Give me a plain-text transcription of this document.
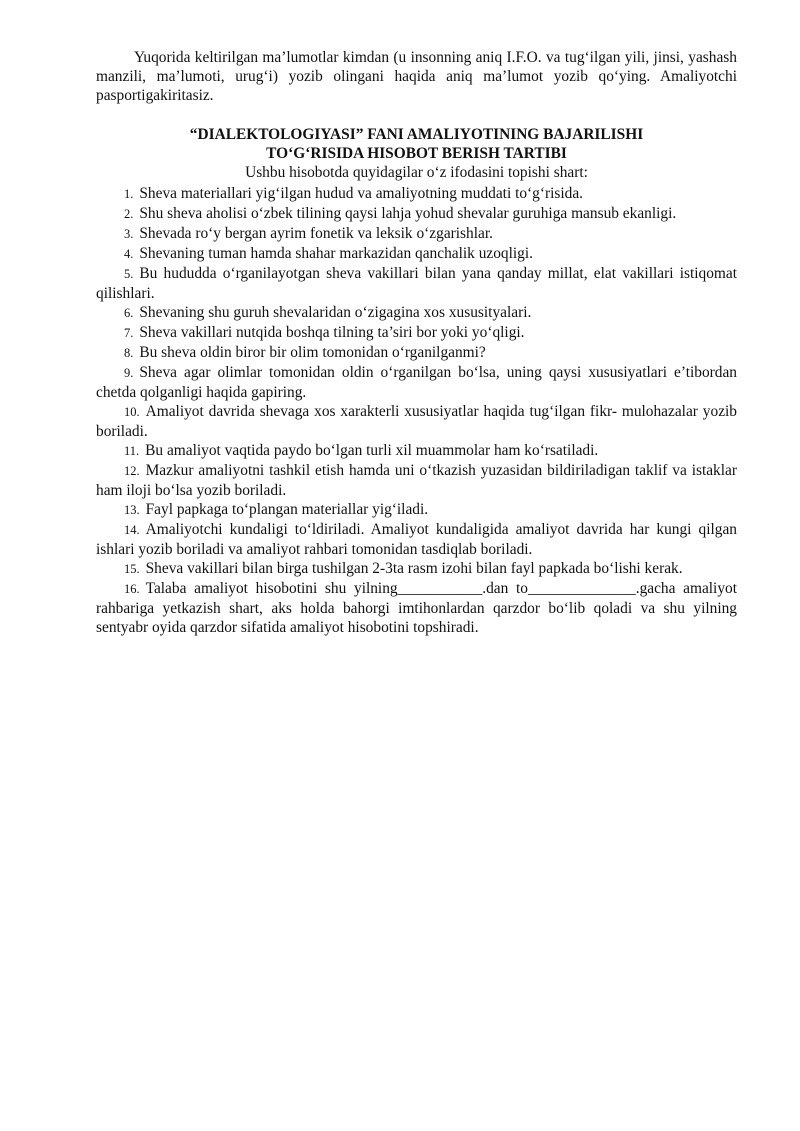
Yuqorida keltirilgan ma’lumotlar kimdan (u insonning aniq I.F.O. va tug‘ilgan yili, jinsi, yashash manzili, ma’lumoti, urug‘i) yozib olingani haqida aniq ma’lumot yozib qo‘ying. Amaliyotchi pasportigakiritasiz.

“DIALEKTOLOGIYASI” FANI AMALIYOTINING BAJARILISHI

TO‘G‘RISIDA HISOBOT BERISH TARTIBI

Ushbu hisobotda quyidagilar o‘z ifodasini topishi shart:

1. Sheva materiallari yig‘ilgan hudud va amaliyotning muddati to‘g‘risida.

2. Shu sheva aholisi o‘zbek tilining qaysi lahja yohud shevalar guruhiga mansub ekanligi.

3. Shevada ro‘y bergan ayrim fonetik va leksik o‘zgarishlar.

4. Shevaning tuman hamda shahar markazidan qanchalik uzoqligi.

5. Bu hududda o‘rganilayotgan sheva vakillari bilan yana qanday millat, elat vakillari istiqomat qilishlari.

6. Shevaning shu guruh shevalaridan o‘zigagina xos xususityalari.

7. Sheva vakillari nutqida boshqa tilning ta’siri bor yoki yo‘qligi.

8. Bu sheva oldin biror bir olim tomonidan o‘rganilganmi?

9. Sheva agar olimlar tomonidan oldin o‘rganilgan bo‘lsa, uning qaysi xususiyatlari e’tibordan chetda qolganligi haqida gapiring.

10. Amaliyot davrida shevaga xos xarakterli xususiyatlar haqida tug‘ilgan fikr- mulohazalar yozib boriladi.

11. Bu amaliyot vaqtida paydo bo‘lgan turli xil muammolar ham ko‘rsatiladi.

12. Mazkur amaliyotni tashkil etish hamda uni o‘tkazish yuzasidan bildiriladigan taklif va istaklar ham iloji bo‘lsa yozib boriladi.

13. Fayl papkaga to‘plangan materiallar yig‘iladi.

14. Amaliyotchi kundaligi to‘ldiriladi. Amaliyot kundaligida amaliyot davrida har kungi qilgan ishlari yozib boriladi va amaliyot rahbari tomonidan tasdiqlab boriladi.

15. Sheva vakillari bilan birga tushilgan 2-3ta rasm izohi bilan fayl papkada bo‘lishi kerak.

16. Talaba amaliyot hisobotini shu yilning___________.dan to______________.gacha amaliyot rahbariga yetkazish shart, aks holda bahorgi imtihonlardan qarzdor bo‘lib qoladi va shu yilning sentyabr oyida qarzdor sifatida amaliyot hisobotini topshiradi.
